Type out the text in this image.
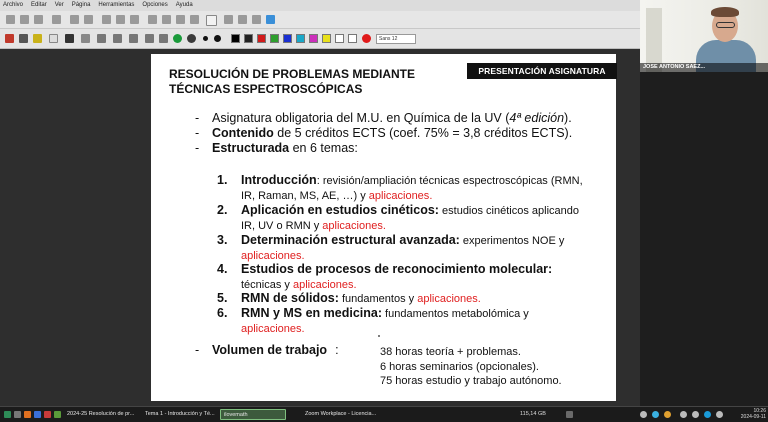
Archivo Editar Ver Página Herramientas Opciones Ayuda
Sans 12
RESOLUCIÓN DE PROBLEMAS MEDIANTE
TÉCNICAS ESPECTROSCÓPICAS
PRESENTACIÓN ASIGNATURA
- Asignatura obligatoria del M.U. en Química de la UV (4ª edición).
- Contenido de 5 créditos ECTS (coef. 75% = 3,8 créditos ECTS).
- Estructurada en 6 temas:
1. Introducción: revisión/ampliación técnicas espectroscópicas (RMN,
IR, Raman, MS, AE, …) y aplicaciones.
2. Aplicación en estudios cinéticos: estudios cinéticos aplicando
IR, UV o RMN y aplicaciones.
3. Determinación estructural avanzada: experimentos NOE y
aplicaciones.
4. Estudios de procesos de reconocimiento molecular:
técnicas y aplicaciones.
5. RMN de sólidos: fundamentos y aplicaciones.
6. RMN y MS en medicina: fundamentos metabolómica y
aplicaciones.
- Volumen de trabajo :	38 horas teoría + problemas.
6 horas seminarios (opcionales).
75 horas estudio y trabajo autónomo.
JOSE ANTONIO SAEZ...
2024-25 Resolución de pr...	Tema 1 - Introducción y Té...	ilovemath	Zoom Workplace - Licencia...	115,14 GB	10:26
2024-09-11
